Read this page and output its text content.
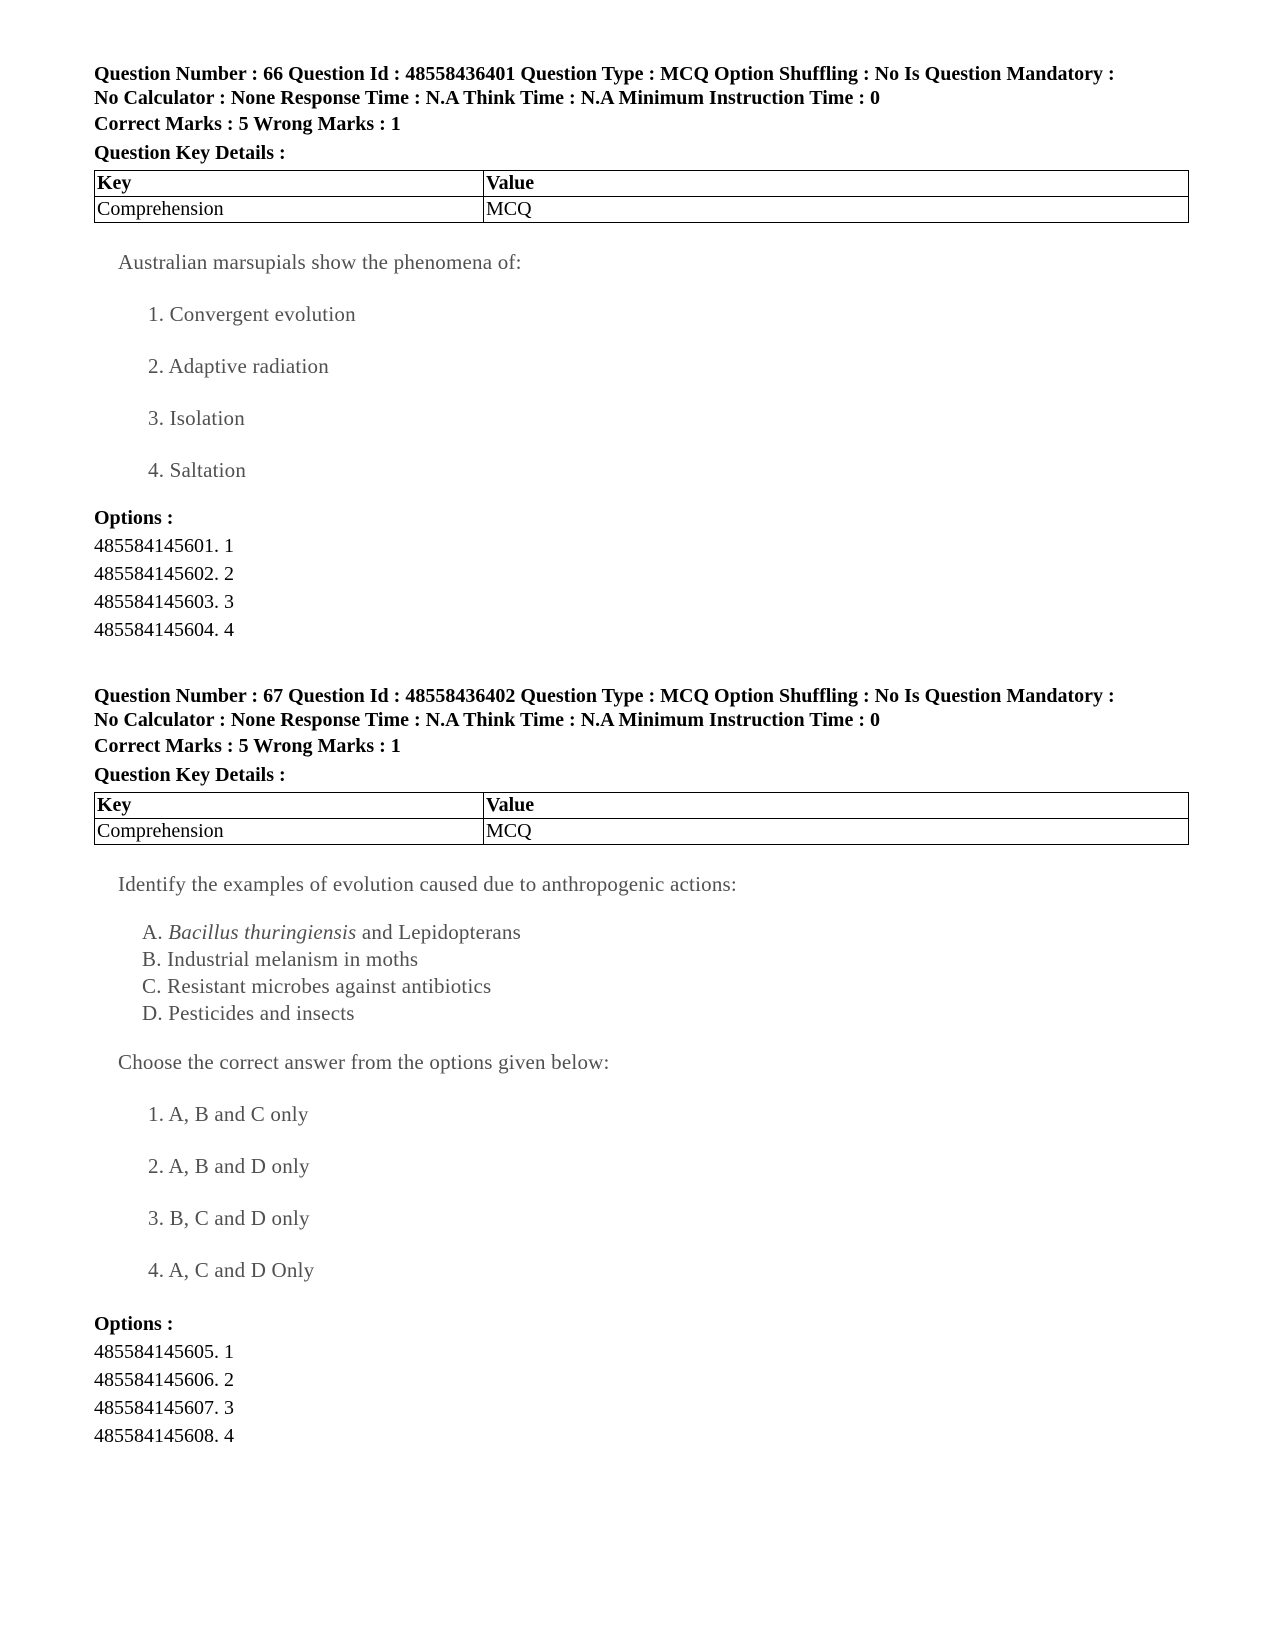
Question Number : 66 Question Id : 48558436401 Question Type : MCQ Option Shuffling : No Is Question Mandatory :

No Calculator : None Response Time : N.A Think Time : N.A Minimum Instruction Time : 0

Correct Marks : 5 Wrong Marks : 1

Question Key Details :

Key	Value
Comprehension	MCQ

Australian marsupials show the phenomena of:

1. Convergent evolution

2. Adaptive radiation

3. Isolation

4. Saltation

Options :

485584145601. 1

485584145602. 2

485584145603. 3

485584145604. 4

Question Number : 67 Question Id : 48558436402 Question Type : MCQ Option Shuffling : No Is Question Mandatory :

No Calculator : None Response Time : N.A Think Time : N.A Minimum Instruction Time : 0

Correct Marks : 5 Wrong Marks : 1

Question Key Details :

Key	Value
Comprehension	MCQ

Identify the examples of evolution caused due to anthropogenic actions:

A. Bacillus thuringiensis and Lepidopterans

B. Industrial melanism in moths

C. Resistant microbes against antibiotics

D. Pesticides and insects

Choose the correct answer from the options given below:

1. A, B and C only

2. A, B and D only

3. B, C and D only

4. A, C and D Only

Options :

485584145605. 1

485584145606. 2

485584145607. 3

485584145608. 4
